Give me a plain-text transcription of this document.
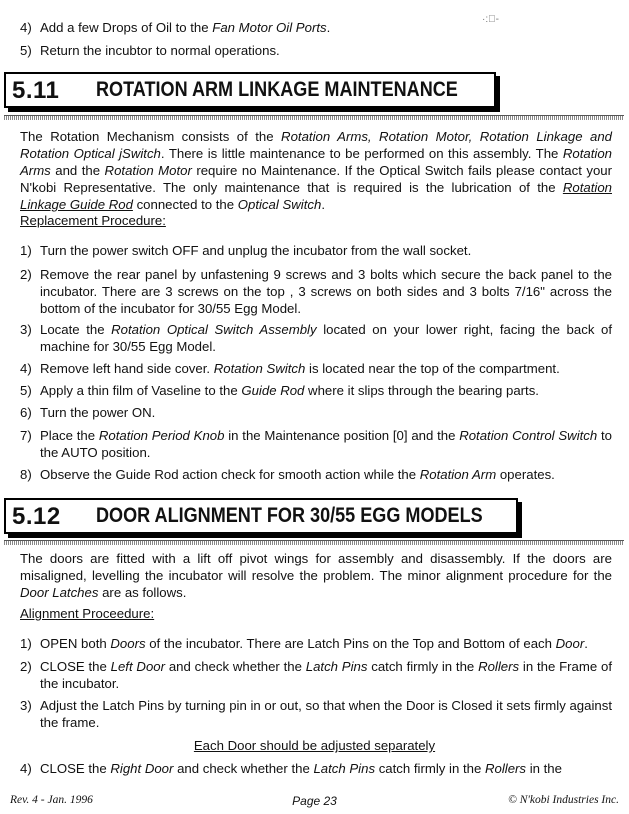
·:ﾟ-
4) Add a few Drops of Oil to the Fan Motor Oil Ports.
5) Return the incubtor to normal operations.
5.11 ROTATION ARM LINKAGE MAINTENANCE
The Rotation Mechanism consists of the Rotation Arms, Rotation Motor, Rotation Linkage and Rotation Optical jSwitch. There is little maintenance to be performed on this assembly. The Rotation Arms and the Rotation Motor require no Maintenance. If the Optical Switch fails please contact your N'kobi Representative. The only maintenance that is required is the lubrication of the Rotation Linkage Guide Rod connected to the Optical Switch.
Replacement Procedure:
1) Turn the power switch OFF and unplug the incubator from the wall socket.
2) Remove the rear panel by unfastening 9 screws and 3 bolts which secure the back panel to the incubator. There are 3 screws on the top , 3 screws on both sides and 3 bolts 7/16" across the bottom of the incubator for 30/55 Egg Model.
3) Locate the Rotation Optical Switch Assembly located on your lower right, facing the back of machine for 30/55 Egg Model.
4) Remove left hand side cover. Rotation Switch is located near the top of the compartment.
5) Apply a thin film of Vaseline to the Guide Rod where it slips through the bearing parts.
6) Turn the power ON.
7) Place the Rotation Period Knob in the Maintenance position [0] and the Rotation Control Switch to the AUTO position.
8) Observe the Guide Rod action check for smooth action while the Rotation Arm operates.
5.12 DOOR ALIGNMENT FOR 30/55 EGG MODELS
The doors are fitted with a lift off pivot wings for assembly and disassembly. If the doors are misaligned, levelling the incubator will resolve the problem. The minor alignment procedure for the Door Latches are as follows.
Alignment Proceedure:
1) OPEN both Doors of the incubator. There are Latch Pins on the Top and Bottom of each Door.
2) CLOSE the Left Door and check whether the Latch Pins catch firmly in the Rollers in the Frame of the incubator.
3) Adjust the Latch Pins by turning pin in or out, so that when the Door is Closed it sets firmly against the frame.
Each Door should be adjusted separately
4) CLOSE the Right Door and check whether the Latch Pins catch firmly in the Rollers in the
Rev. 4 - Jan. 1996	Page 23	© N'kobi Industries Inc.
